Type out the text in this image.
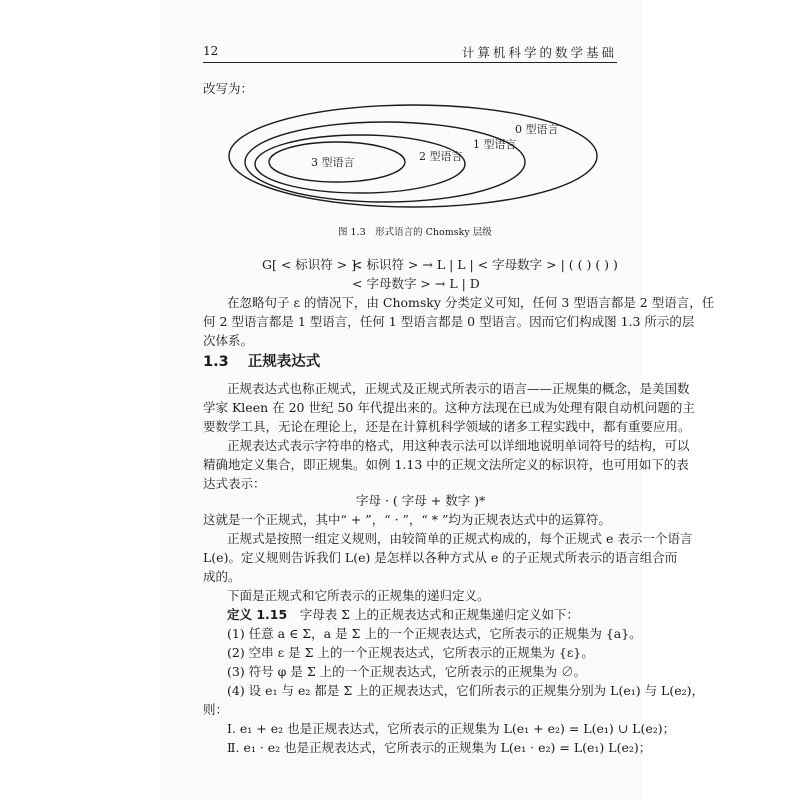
12	计算机科学的数学基础
改写为：
0 型语言
1 型语言
2 型语言
3 型语言
图 1.3　形式语言的 Chomsky 层级
G[ < 标识符 > ]：
< 标识符 > → L | L | < 字母数字 > | ( ( ) ( ) )
< 字母数字 > → L | D
在忽略句子 ε 的情况下，由 Chomsky 分类定义可知，任何 3 型语言都是 2 型语言，任
何 2 型语言都是 1 型语言，任何 1 型语言都是 0 型语言。因而它们构成图 1.3 所示的层
次体系。
1.3 正规表达式
正规表达式也称正规式，正规式及正规式所表示的语言——正规集的概念，是美国数
学家 Kleen 在 20 世纪 50 年代提出来的。这种方法现在已成为处理有限自动机问题的主
要数学工具，无论在理论上，还是在计算机科学领域的诸多工程实践中，都有重要应用。
正规表达式表示字符串的格式，用这种表示法可以详细地说明单词符号的结构，可以
精确地定义集合，即正规集。如例 1.13 中的正规文法所定义的标识符，也可用如下的表
达式表示：
字母 · ( 字母 + 数字 )*
这就是一个正规式，其中“ + ”，“ · ”，“ * ”均为正规表达式中的运算符。
正规式是按照一组定义规则，由较简单的正规式构成的，每个正规式 e 表示一个语言
L(e)。定义规则告诉我们 L(e) 是怎样以各种方式从 e 的子正规式所表示的语言组合而
成的。
下面是正规式和它所表示的正规集的递归定义。
定义 1.15　字母表 Σ 上的正规表达式和正规集递归定义如下：
(1) 任意 a ∈ Σ，a 是 Σ 上的一个正规表达式，它所表示的正规集为 {a}。
(2) 空串 ε 是 Σ 上的一个正规表达式，它所表示的正规集为 {ε}。
(3) 符号 φ 是 Σ 上的一个正规表达式，它所表示的正规集为 ∅。
(4) 设 e₁ 与 e₂ 都是 Σ 上的正规表达式，它们所表示的正规集分别为 L(e₁) 与 L(e₂)，
则：
Ⅰ. e₁ + e₂ 也是正规表达式，它所表示的正规集为 L(e₁ + e₂) = L(e₁) ∪ L(e₂)；
Ⅱ. e₁ · e₂ 也是正规表达式，它所表示的正规集为 L(e₁ · e₂) = L(e₁) L(e₂)；
